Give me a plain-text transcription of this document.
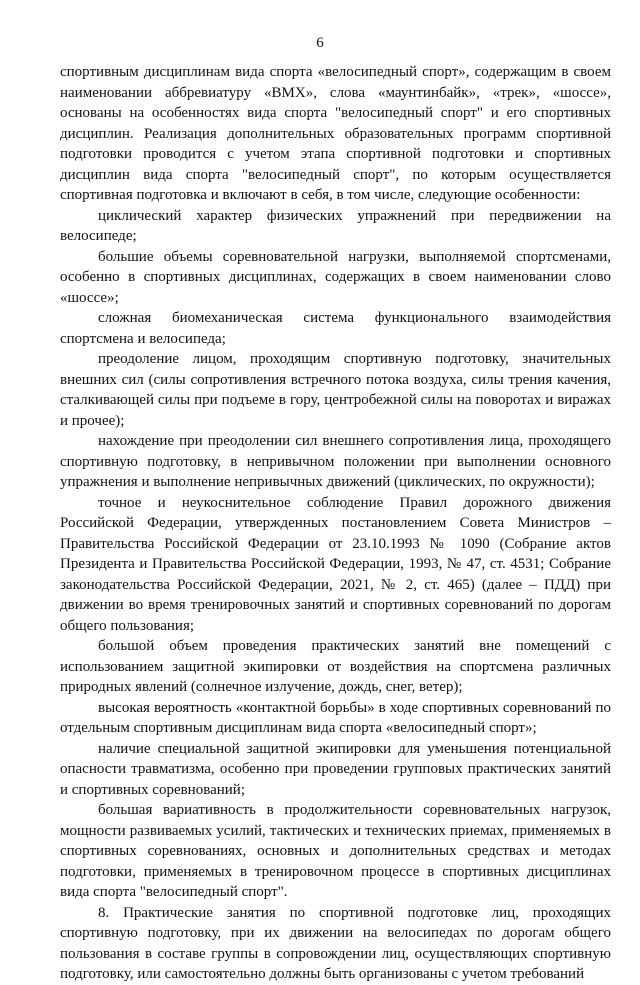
6

спортивным дисциплинам вида спорта «велосипедный спорт», содержащим в своем наименовании аббревиатуру «BMX», слова «маунтинбайк», «трек», «шоссе», основаны на особенностях вида спорта "велосипедный спорт" и его спортивных дисциплин. Реализация дополнительных образовательных программ спортивной подготовки проводится с учетом этапа спортивной подготовки и спортивных дисциплин вида спорта "велосипедный спорт", по которым осуществляется спортивная подготовка и включают в себя, в том числе, следующие особенности:

циклический характер физических упражнений при передвижении на велосипеде;

большие объемы соревновательной нагрузки, выполняемой спортсменами, особенно в спортивных дисциплинах, содержащих в своем наименовании слово «шоссе»;

сложная биомеханическая система функционального взаимодействия спортсмена и велосипеда;

преодоление лицом, проходящим спортивную подготовку, значительных внешних сил (силы сопротивления встречного потока воздуха, силы трения качения, сталкивающей силы при подъеме в гору, центробежной силы на поворотах и виражах и прочее);

нахождение при преодолении сил внешнего сопротивления лица, проходящего спортивную подготовку, в непривычном положении при выполнении основного упражнения и выполнение непривычных движений (циклических, по окружности);

точное и неукоснительное соблюдение Правил дорожного движения Российской Федерации, утвержденных постановлением Совета Министров – Правительства Российской Федерации от 23.10.1993 № 1090 (Собрание актов Президента и Правительства Российской Федерации, 1993, № 47, ст. 4531; Собрание законодательства Российской Федерации, 2021, № 2, ст. 465) (далее – ПДД) при движении во время тренировочных занятий и спортивных соревнований по дорогам общего пользования;

большой объем проведения практических занятий вне помещений с использованием защитной экипировки от воздействия на спортсмена различных природных явлений (солнечное излучение, дождь, снег, ветер);

высокая вероятность «контактной борьбы» в ходе спортивных соревнований по отдельным спортивным дисциплинам вида спорта «велосипедный спорт»;

наличие специальной защитной экипировки для уменьшения потенциальной опасности травматизма, особенно при проведении групповых практических занятий и спортивных соревнований;

большая вариативность в продолжительности соревновательных нагрузок, мощности развиваемых усилий, тактических и технических приемах, применяемых в спортивных соревнованиях, основных и дополнительных средствах и методах подготовки, применяемых в тренировочном процессе в спортивных дисциплинах вида спорта "велосипедный спорт".

8. Практические занятия по спортивной подготовке лиц, проходящих спортивную подготовку, при их движении на велосипедах по дорогам общего пользования в составе группы в сопровождении лиц, осуществляющих спортивную подготовку, или самостоятельно должны быть организованы с учетом требований
